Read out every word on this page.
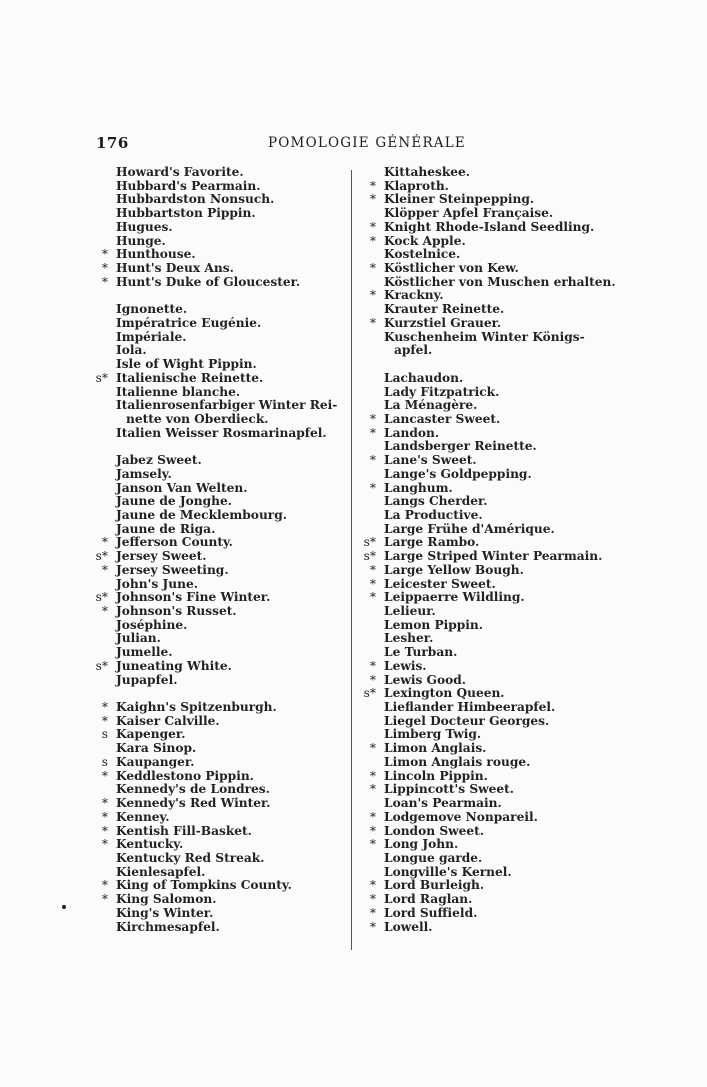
176	POMOLOGIE GÉNÉRALE
Howard's Favorite.
Hubbard's Pearmain.
Hubbardston Nonsuch.
Hubbartston Pippin.
Hugues.
Hunge.
* Hunthouse.
* Hunt's Deux Ans.
* Hunt's Duke of Gloucester.
Ignonette.
Impératrice Eugénie.
Impériale.
Iola.
Isle of Wight Pippin.
s* Italienische Reinette.
Italienne blanche.
Italienrosenfarbiger Winter Rei-
nette von Oberdieck.
Italien Weisser Rosmarinapfel.
Jabez Sweet.
Jamsely.
Janson Van Welten.
Jaune de Jonghe.
Jaune de Mecklembourg.
Jaune de Riga.
* Jefferson County.
s* Jersey Sweet.
* Jersey Sweeting.
John's June.
s* Johnson's Fine Winter.
* Johnson's Russet.
Joséphine.
Julian.
Jumelle.
s* Juneating White.
Jupapfel.
* Kaighn's Spitzenburgh.
* Kaiser Calville.
s Kapenger.
Kara Sinop.
s Kaupanger.
* Keddlestono Pippin.
Kennedy's de Londres.
* Kennedy's Red Winter.
* Kenney.
* Kentish Fill-Basket.
* Kentucky.
Kentucky Red Streak.
Kienlesapfel.
* King of Tompkins County.
* King Salomon.
King's Winter.
Kirchmesapfel.
Kittaheskee.
* Klaproth.
* Kleiner Steinpepping.
Klöpper Apfel Française.
* Knight Rhode-Island Seedling.
* Kock Apple.
Kostelnice.
* Köstlicher von Kew.
Köstlicher von Muschen erhalten.
* Krackny.
Krauter Reinette.
* Kurzstiel Grauer.
Kuschenheim Winter Königs-
apfel.
Lachaudon.
Lady Fitzpatrick.
La Ménagère.
* Lancaster Sweet.
* Landon.
Landsberger Reinette.
* Lane's Sweet.
Lange's Goldpepping.
* Langhum.
Langs Cherder.
La Productive.
Large Frühe d'Amérique.
s* Large Rambo.
s* Large Striped Winter Pearmain.
* Large Yellow Bough.
* Leicester Sweet.
* Leippaerre Wildling.
Lelieur.
Lemon Pippin.
Lesher.
Le Turban.
* Lewis.
* Lewis Good.
s* Lexington Queen.
Lieflander Himbeerapfel.
Liegel Docteur Georges.
Limberg Twig.
* Limon Anglais.
Limon Anglais rouge.
* Lincoln Pippin.
* Lippincott's Sweet.
Loan's Pearmain.
* Lodgemove Nonpareil.
* London Sweet.
* Long John.
Longue garde.
Longville's Kernel.
* Lord Burleigh.
* Lord Raglan.
* Lord Suffield.
* Lowell.
